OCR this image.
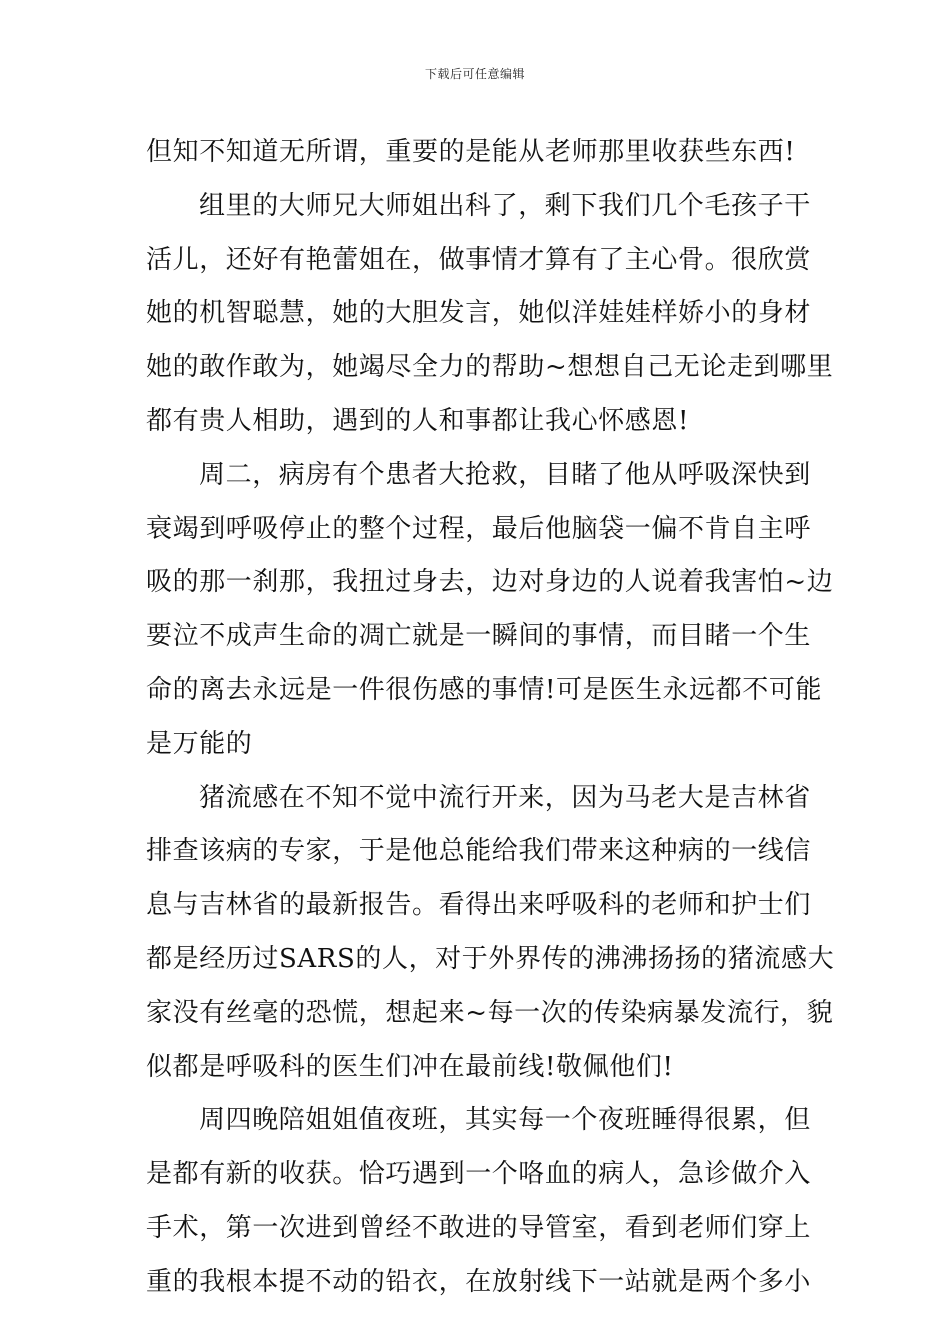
下载后可任意编辑
但知不知道无所谓，重要的是能从老师那里收获些东西!
组里的大师兄大师姐出科了，剩下我们几个毛孩子干
活儿，还好有艳蕾姐在，做事情才算有了主心骨。很欣赏
她的机智聪慧，她的大胆发言，她似洋娃娃样娇小的身材
她的敢作敢为，她竭尽全力的帮助~想想自己无论走到哪里
都有贵人相助，遇到的人和事都让我心怀感恩!
周二，病房有个患者大抢救，目睹了他从呼吸深快到
衰竭到呼吸停止的整个过程，最后他脑袋一偏不肯自主呼
吸的那一刹那，我扭过身去，边对身边的人说着我害怕~边
要泣不成声生命的凋亡就是一瞬间的事情，而目睹一个生
命的离去永远是一件很伤感的事情!可是医生永远都不可能
是万能的
猪流感在不知不觉中流行开来，因为马老大是吉林省
排查该病的专家，于是他总能给我们带来这种病的一线信
息与吉林省的最新报告。看得出来呼吸科的老师和护士们
都是经历过SARS的人，对于外界传的沸沸扬扬的猪流感大
家没有丝毫的恐慌，想起来~每一次的传染病暴发流行，貌
似都是呼吸科的医生们冲在最前线!敬佩他们!
周四晚陪姐姐值夜班，其实每一个夜班睡得很累，但
是都有新的收获。恰巧遇到一个咯血的病人，急诊做介入
手术，第一次进到曾经不敢进的导管室，看到老师们穿上
重的我根本提不动的铅衣，在放射线下一站就是两个多小
